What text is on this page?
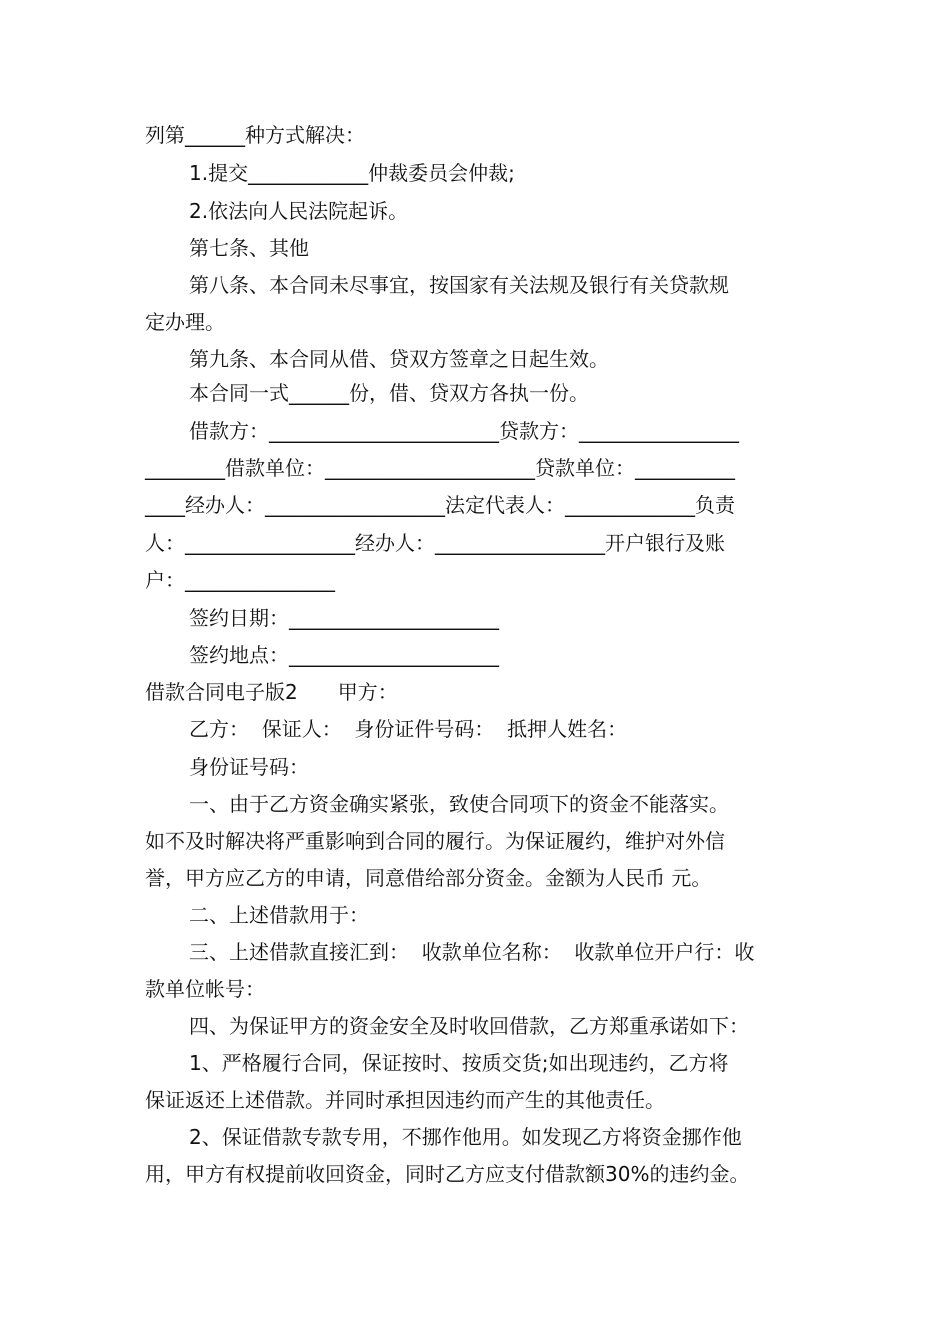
列第______种方式解决：
1.提交____________仲裁委员会仲裁;
2.依法向人民法院起诉。
第七条、其他
第八条、本合同未尽事宜，按国家有关法规及银行有关贷款规
定办理。
第九条、本合同从借、贷双方签章之日起生效。
本合同一式______份，借、贷双方各执一份。
借款方：_______________________贷款方：________________
________借款单位：_____________________贷款单位：__________
____经办人：__________________法定代表人：_____________负责
人：_________________经办人：_________________开户银行及账
户：_______________
签约日期：_____________________
签约地点：_____________________
借款合同电子版2　　甲方：
乙方：  保证人：  身份证件号码：  抵押人姓名：
身份证号码：
一、由于乙方资金确实紧张，致使合同项下的资金不能落实。
如不及时解决将严重影响到合同的履行。为保证履约，维护对外信
誉，甲方应乙方的申请，同意借给部分资金。金额为人民币 元。
二、上述借款用于：
三、上述借款直接汇到：  收款单位名称：  收款单位开户行：收
款单位帐号：
四、为保证甲方的资金安全及时收回借款，乙方郑重承诺如下：
1、严格履行合同，保证按时、按质交货;如出现违约，乙方将
保证返还上述借款。并同时承担因违约而产生的其他责任。
2、保证借款专款专用，不挪作他用。如发现乙方将资金挪作他
用，甲方有权提前收回资金，同时乙方应支付借款额30%的违约金。
